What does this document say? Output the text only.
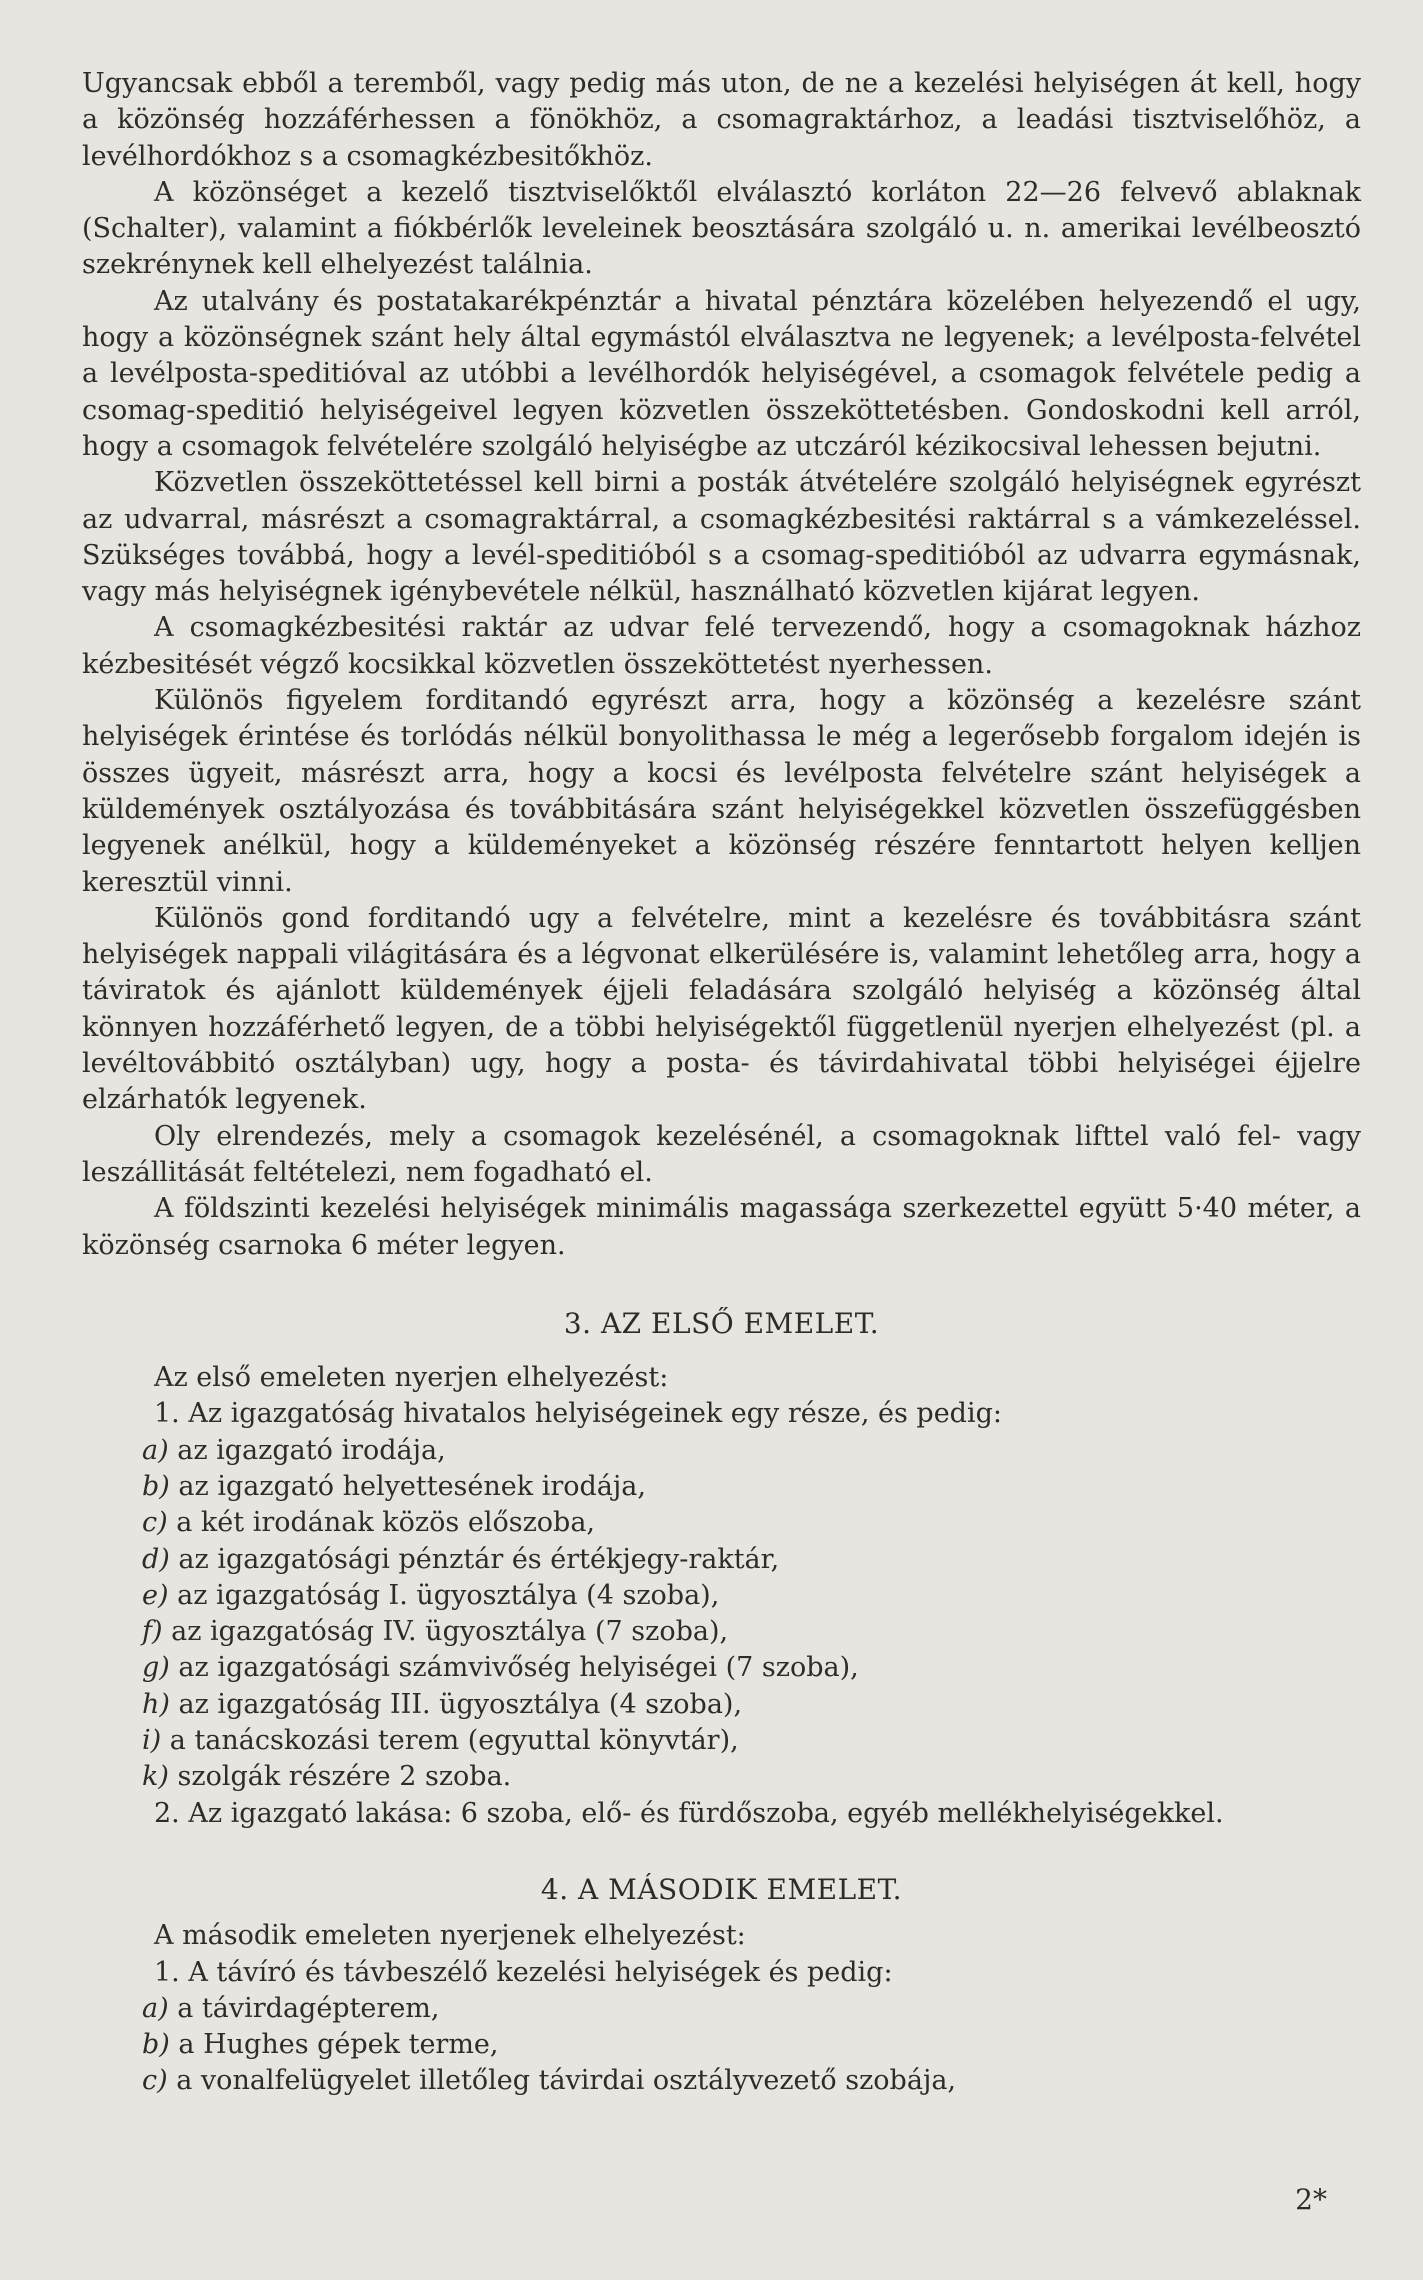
Ugyancsak ebből a teremből, vagy pedig más uton, de ne a kezelési helyiségen át kell, hogy a közönség hozzáférhessen a fönökhöz, a csomagraktárhoz, a leadási tisztviselőhöz, a levélhordókhoz s a csomagkézbesitőkhöz.

A közönséget a kezelő tisztviselőktől elválasztó korláton 22—26 felvevő ablaknak (Schalter), valamint a fiókbérlők leveleinek beosztására szolgáló u. n. amerikai levélbeosztó szekrénynek kell elhelyezést találnia.

Az utalvány és postatakarékpénztár a hivatal pénztára közelében helyezendő el ugy, hogy a közönségnek szánt hely által egymástól elválasztva ne legyenek; a levélposta-felvétel a levélposta-speditióval az utóbbi a levélhordók helyiségével, a csomagok felvétele pedig a csomag-speditió helyiségeivel legyen közvetlen összeköttetésben. Gondoskodni kell arról, hogy a csomagok felvételére szolgáló helyiségbe az utczáról kézikocsival lehessen bejutni.

Közvetlen összeköttetéssel kell birni a posták átvételére szolgáló helyiségnek egyrészt az udvarral, másrészt a csomagraktárral, a csomagkézbesitési raktárral s a vámkezeléssel. Szükséges továbbá, hogy a levél-speditióból s a csomag-speditióból az udvarra egymásnak, vagy más helyiségnek igénybevétele nélkül, használható közvetlen kijárat legyen.

A csomagkézbesitési raktár az udvar felé tervezendő, hogy a csomagoknak házhoz kézbesitését végző kocsikkal közvetlen összeköttetést nyerhessen.

Különös figyelem forditandó egyrészt arra, hogy a közönség a kezelésre szánt helyiségek érintése és torlódás nélkül bonyolithassa le még a legerősebb forgalom idején is összes ügyeit, másrészt arra, hogy a kocsi és levélposta felvételre szánt helyiségek a küldemények osztályozása és továbbitására szánt helyiségekkel közvetlen összefüggésben legyenek anélkül, hogy a küldeményeket a közönség részére fenntartott helyen kelljen keresztül vinni.

Különös gond forditandó ugy a felvételre, mint a kezelésre és továbbitásra szánt helyiségek nappali világitására és a légvonat elkerülésére is, valamint lehetőleg arra, hogy a táviratok és ajánlott küldemények éjjeli feladására szolgáló helyiség a közönség által könnyen hozzáférhető legyen, de a többi helyiségektől függetlenül nyerjen elhelyezést (pl. a levéltovábbitó osztályban) ugy, hogy a posta- és távirdahivatal többi helyiségei éjjelre elzárhatók legyenek.

Oly elrendezés, mely a csomagok kezelésénél, a csomagoknak lifttel való fel- vagy leszállitását feltételezi, nem fogadható el.

A földszinti kezelési helyiségek minimális magassága szerkezettel együtt 5·40 méter, a közönség csarnoka 6 méter legyen.

3. AZ ELSŐ EMELET.

Az első emeleten nyerjen elhelyezést:

1. Az igazgatóság hivatalos helyiségeinek egy része, és pedig:

a) az igazgató irodája,
b) az igazgató helyettesének irodája,
c) a két irodának közös előszoba,
d) az igazgatósági pénztár és értékjegy-raktár,
e) az igazgatóság I. ügyosztálya (4 szoba),
f) az igazgatóság IV. ügyosztálya (7 szoba),
g) az igazgatósági számvivőség helyiségei (7 szoba),
h) az igazgatóság III. ügyosztálya (4 szoba),
i) a tanácskozási terem (egyuttal könyvtár),
k) szolgák részére 2 szoba.

2. Az igazgató lakása: 6 szoba, elő- és fürdőszoba, egyéb mellékhelyiségekkel.

4. A MÁSODIK EMELET.

A második emeleten nyerjenek elhelyezést:

1. A távíró és távbeszélő kezelési helyiségek és pedig:

a) a távirdagépterem,
b) a Hughes gépek terme,
c) a vonalfelügyelet illetőleg távirdai osztályvezető szobája,
2*
